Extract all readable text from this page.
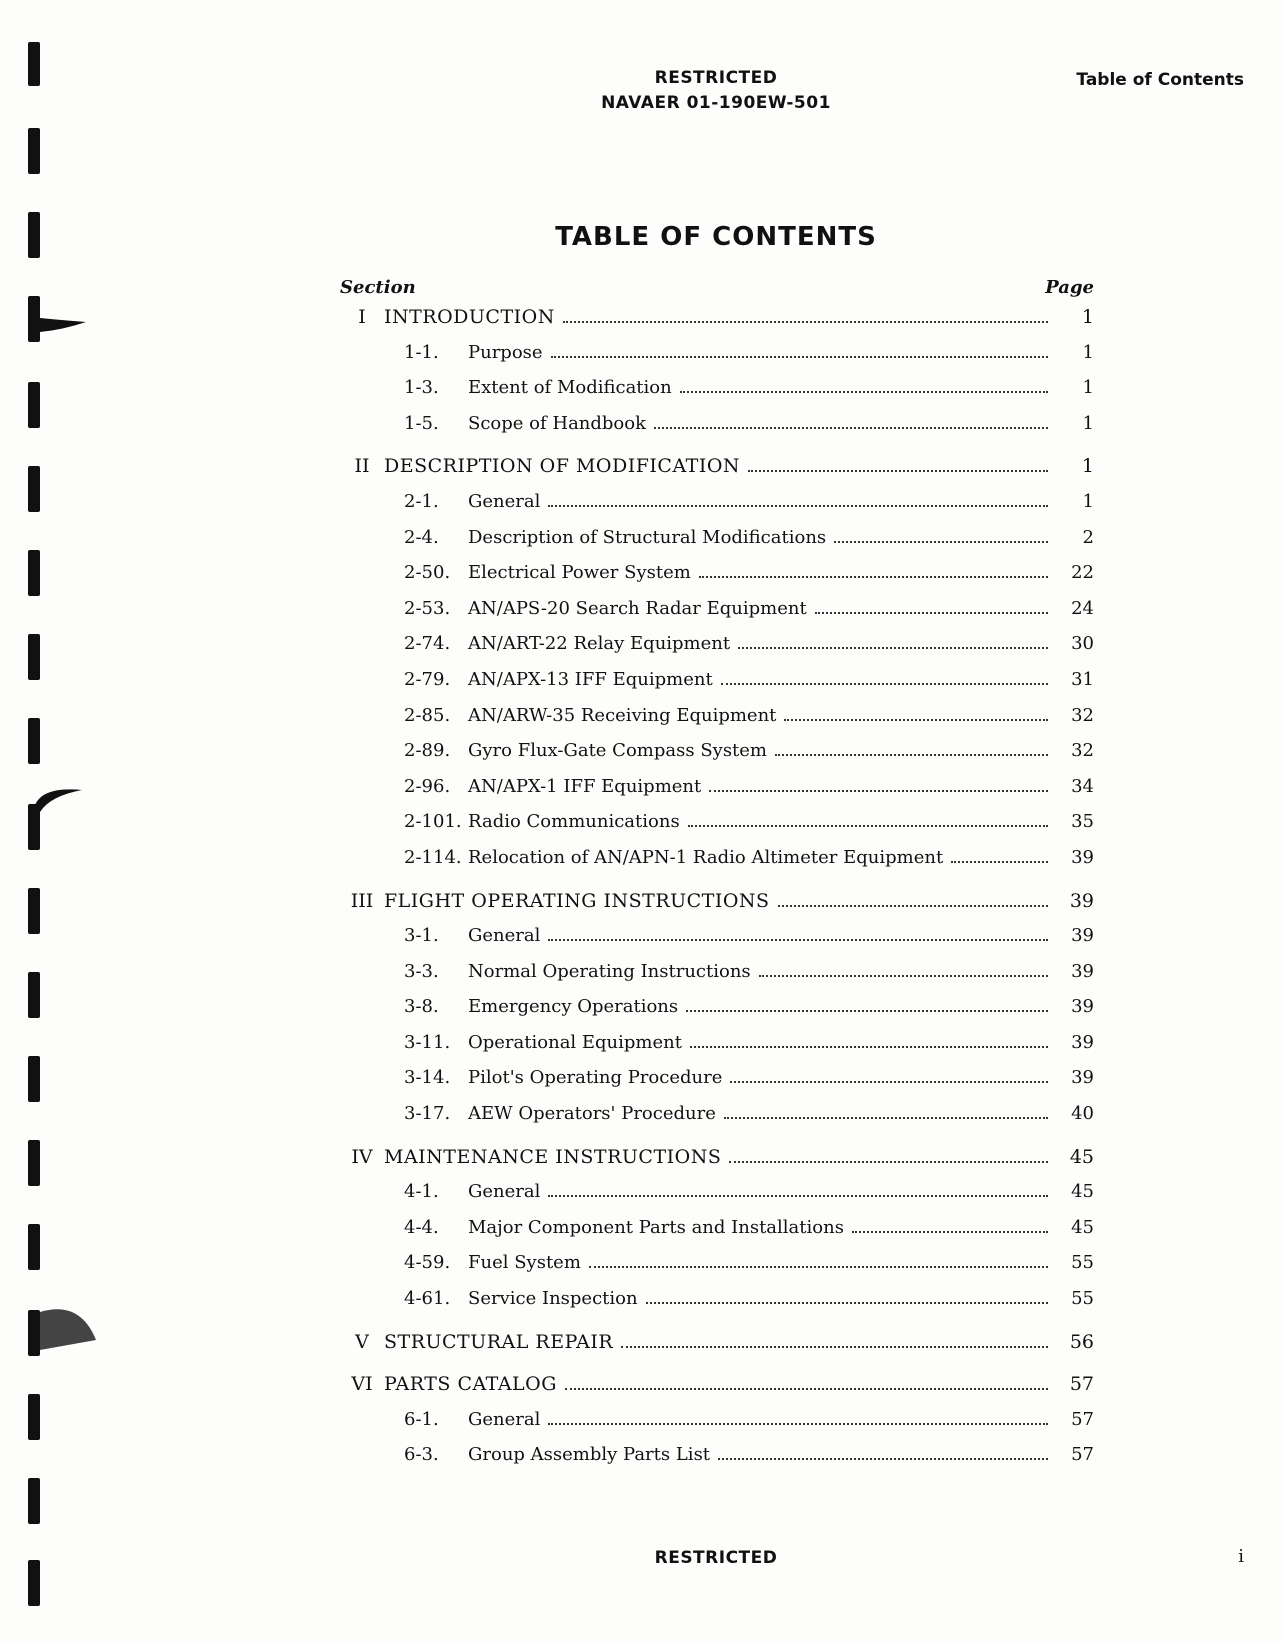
RESTRICTED
NAVAER 01-190EW-501
Table of Contents
TABLE OF CONTENTS
Section	Page
I INTRODUCTION	1
1-1.	Purpose	1
1-3.	Extent of Modification	1
1-5.	Scope of Handbook	1
II DESCRIPTION OF MODIFICATION	1
2-1.	General	1
2-4.	Description of Structural Modifications	2
2-50. Electrical Power System	22
2-53. AN/APS-20 Search Radar Equipment	24
2-74. AN/ART-22 Relay Equipment	30
2-79. AN/APX-13 IFF Equipment	31
2-85. AN/ARW-35 Receiving Equipment	32
2-89. Gyro Flux-Gate Compass System	32
2-96. AN/APX-1 IFF Equipment	34
2-101. Radio Communications	35
2-114. Relocation of AN/APN-1 Radio Altimeter Equipment	39
III FLIGHT OPERATING INSTRUCTIONS	39
3-1.	General	39
3-3.	Normal Operating Instructions	39
3-8.	Emergency Operations	39
3-11. Operational Equipment	39
3-14. Pilot's Operating Procedure	39
3-17. AEW Operators' Procedure	40
IV MAINTENANCE INSTRUCTIONS	45
4-1.	General	45
4-4.	Major Component Parts and Installations	45
4-59. Fuel System	55
4-61. Service Inspection	55
V STRUCTURAL REPAIR	56
VI PARTS CATALOG	57
6-1.	General	57
6-3.	Group Assembly Parts List	57
RESTRICTED	i
